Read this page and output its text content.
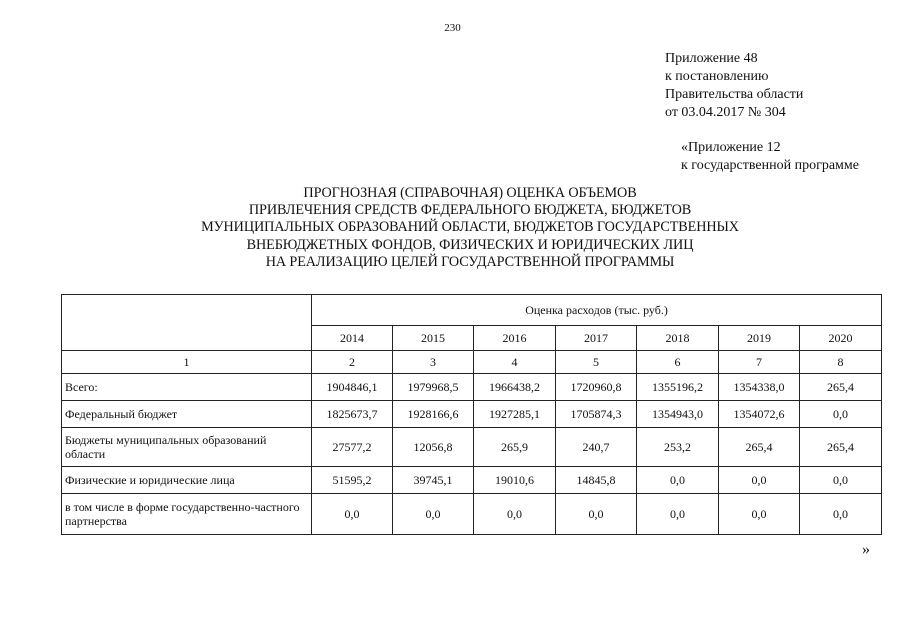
230
Приложение 48
к постановлению
Правительства области
от 03.04.2017 № 304
«Приложение 12
к государственной программе
ПРОГНОЗНАЯ (СПРАВОЧНАЯ) ОЦЕНКА ОБЪЕМОВ
ПРИВЛЕЧЕНИЯ СРЕДСТВ ФЕДЕРАЛЬНОГО БЮДЖЕТА, БЮДЖЕТОВ
МУНИЦИПАЛЬНЫХ ОБРАЗОВАНИЙ ОБЛАСТИ, БЮДЖЕТОВ ГОСУДАРСТВЕННЫХ
ВНЕБЮДЖЕТНЫХ ФОНДОВ, ФИЗИЧЕСКИХ И ЮРИДИЧЕСКИХ ЛИЦ
НА РЕАЛИЗАЦИЮ ЦЕЛЕЙ ГОСУДАРСТВЕННОЙ ПРОГРАММЫ
	Оценка расходов (тыс. руб.)						
	2014	2015	2016	2017	2018	2019	2020
1	2	3	4	5	6	7	8
Всего:	1904846,1	1979968,5	1966438,2	1720960,8	1355196,2	1354338,0	265,4
Федеральный бюджет	1825673,7	1928166,6	1927285,1	1705874,3	1354943,0	1354072,6	0,0
Бюджеты муниципальных образований области	27577,2	12056,8	265,9	240,7	253,2	265,4	265,4
Физические и юридические лица	51595,2	39745,1	19010,6	14845,8	0,0	0,0	0,0
в том числе в форме государственно-частного партнерства	0,0	0,0	0,0	0,0	0,0	0,0	0,0
»
